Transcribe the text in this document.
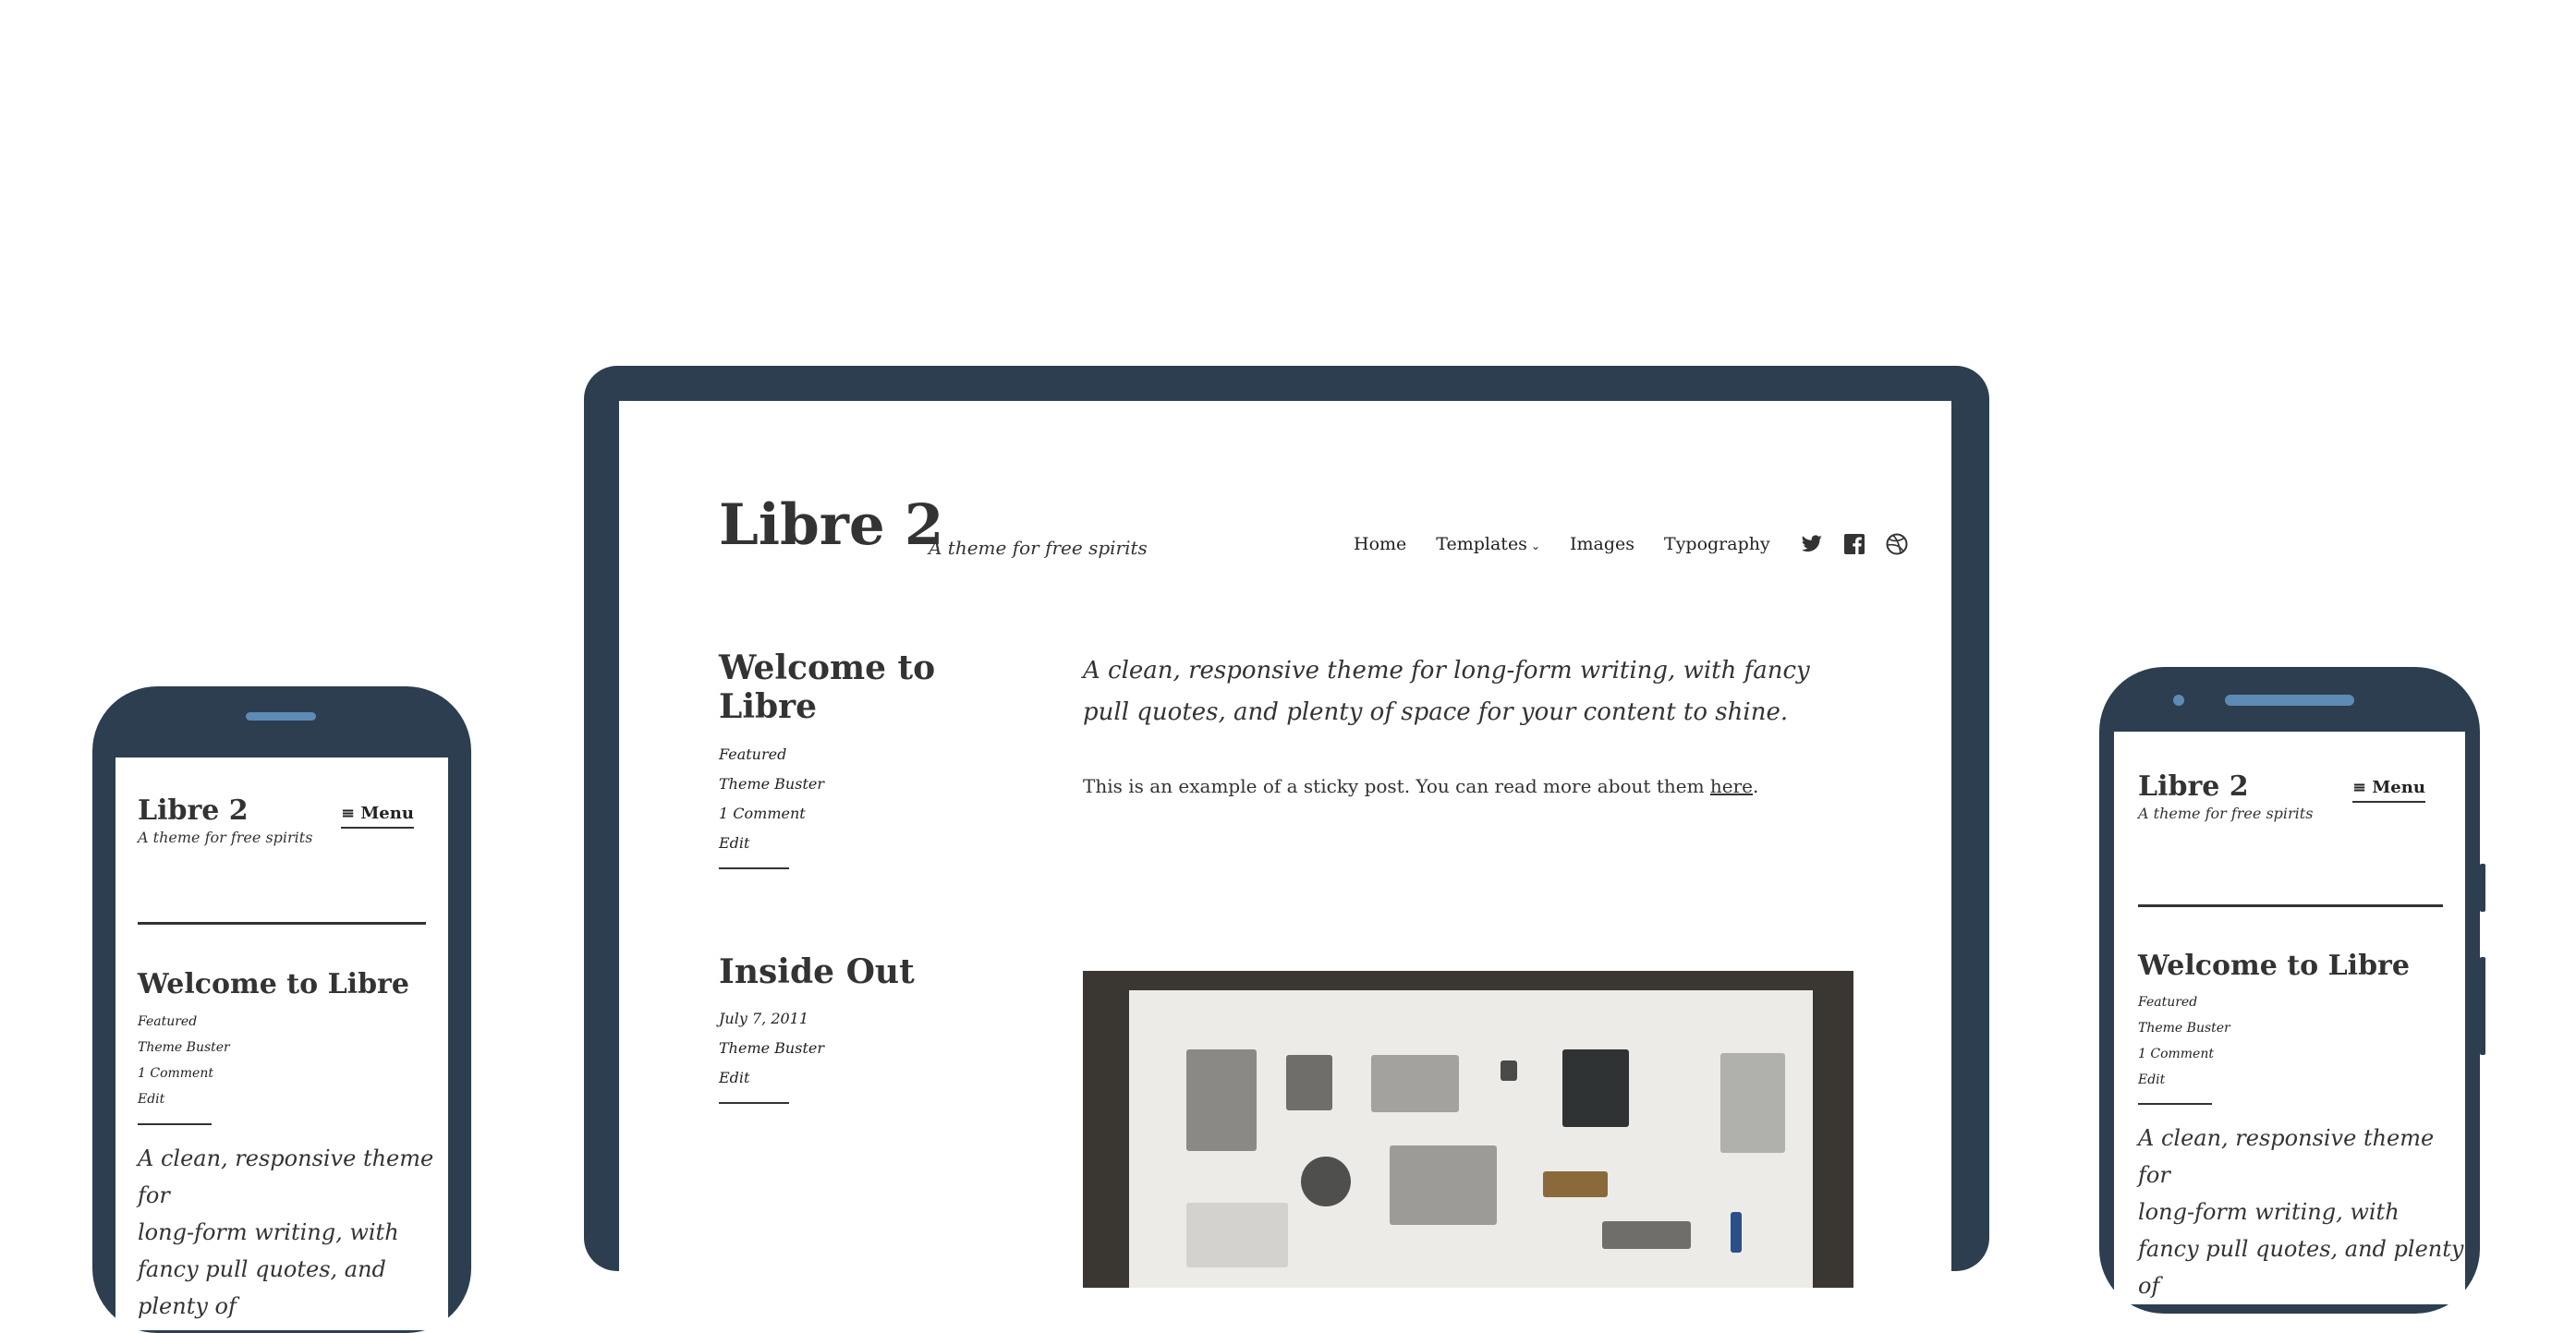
Libre 2
A theme for free spirits	Home Templates ⌄ Images Typography
Welcome to Libre
Featured
Theme Buster
1 Comment
Edit
A clean, responsive theme for long-form writing, with fancy pull quotes, and plenty of space for your content to shine.
This is an example of a sticky post. You can read more about them here.
Inside Out
July 7, 2011
Theme Buster
Edit
Libre 2
A theme for free spirits
≡ Menu
Welcome to Libre
Featured
Theme Buster
1 Comment
Edit
A clean, responsive theme for
long-form writing, with
fancy pull quotes, and plenty of
Libre 2
A theme for free spirits
≡ Menu
Welcome to Libre
Featured
Theme Buster
1 Comment
Edit
A clean, responsive theme for
long-form writing, with
fancy pull quotes, and plenty of
